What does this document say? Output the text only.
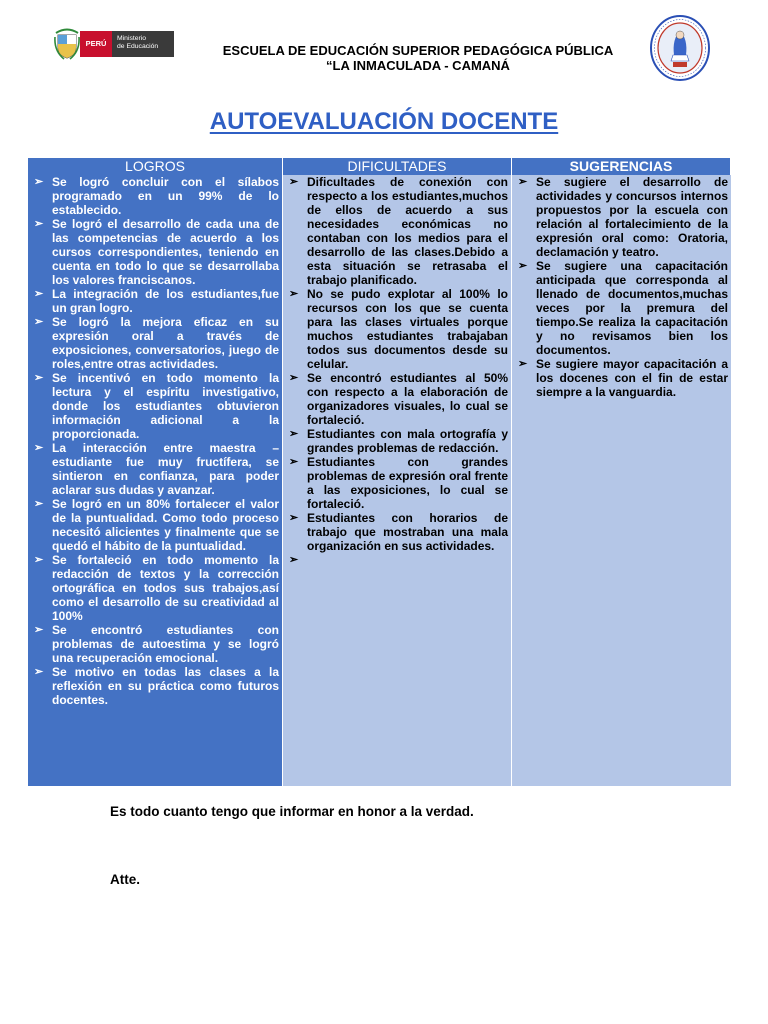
PERÚ
Ministerio
de Educación	ESCUELA DE EDUCACIÓN SUPERIOR PEDAGÓGICA PÚBLICA
“LA INMACULADA - CAMANÁ
AUTOEVALUACIÓN DOCENTE
LOGROS
➢ Se logró concluir con el sílabos programado en un 99% de lo establecido.
➢ Se logró el desarrollo de cada una de las competencias de acuerdo a los cursos correspondientes, teniendo en cuenta en todo lo que se desarrollaba los valores franciscanos.
➢ La integración de los estudiantes,fue un gran logro.
➢ Se logró la mejora eficaz en su expresión oral a través de exposiciones, conversatorios, juego de roles,entre otras actividades.
➢ Se incentivó en todo momento la lectura y el espíritu investigativo, donde los estudiantes obtuvieron información adicional a la proporcionada.
➢ La interacción entre maestra – estudiante fue muy fructífera, se sintieron en confianza, para poder aclarar sus dudas y avanzar.
➢ Se logró en un 80% fortalecer el valor de la puntualidad. Como todo proceso necesitó alicientes y finalmente que se quedó el hábito de la puntualidad.
➢ Se fortaleció en todo momento la redacción de textos y la corrección ortográfica en todos sus trabajos,así como el desarrollo de su creatividad al 100%
➢ Se encontró estudiantes con problemas de autoestima y se logró una recuperación emocional.
➢ Se motivo en todas las clases a la reflexión en su práctica como futuros docentes.
DIFICULTADES
➢ Dificultades de conexión con respecto a los estudiantes,muchos de ellos de acuerdo a sus necesidades económicas no contaban con los medios para el desarrollo de las clases.Debido a esta situación se retrasaba el trabajo planificado.
➢ No se pudo explotar al 100% lo recursos con los que se cuenta para las clases virtuales porque muchos estudiantes trabajaban todos sus documentos desde su celular.
➢ Se encontró estudiantes al 50% con respecto a la elaboración de organizadores visuales, lo cual se fortaleció.
➢ Estudiantes con mala ortografía y grandes problemas de redacción.
➢ Estudiantes con grandes problemas de expresión oral frente a las exposiciones, lo cual se fortaleció.
➢ Estudiantes con horarios de trabajo que mostraban una mala organización en sus actividades.
➢
SUGERENCIAS
➢ Se sugiere el desarrollo de actividades y concursos internos propuestos por la escuela con relación al fortalecimiento de la expresión oral como: Oratoria, declamación y teatro.
➢ Se sugiere una capacitación anticipada que corresponda al llenado de documentos,muchas veces por la premura del tiempo.Se realiza la capacitación y no revisamos bien los documentos.
➢ Se sugiere mayor capacitación a los docenes con el fin de estar siempre a la vanguardia.
Es todo cuanto tengo que informar en honor a la verdad.
Atte.
